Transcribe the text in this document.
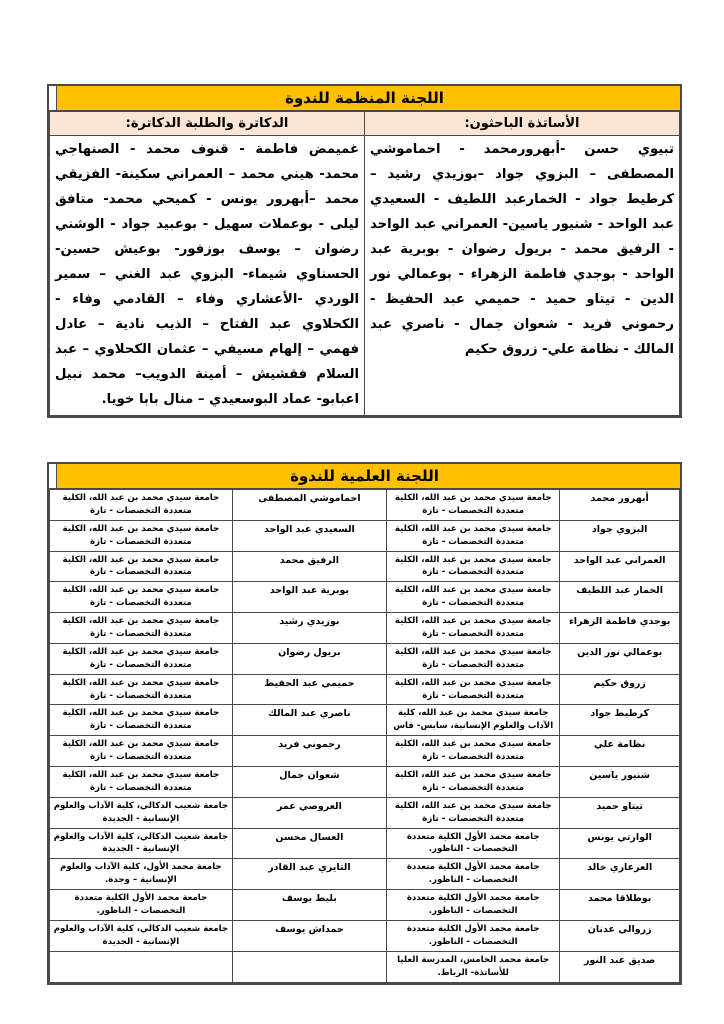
اللجنة المنظمة للندوة
الأساتذة الباحثون:	الدكاترة والطلبة الدكاترة:
تبيوي حسن -أبهرورمحمد - احماموشي المصطفى – البزوي جواد –بوزيدي رشيد – كرطيط جواد - الخمارعبد اللطيف - السعيدي عبد الواحد - شنيور ياسين- العمراني عبد الواحد - الرفيق محمد - بريول رضوان - بوبرية عبد الواحد - بوجدي فاطمة الزهراء - بوعمالي نور الدين - تيتاو حميد - حميمي عبد الحفيظ - رحموني فريد - شعوان جمال - ناصري عبد المالك - نظامة علي- زروق حكيم	غميمض فاطمة - قنوف محمد - الصنهاجي محمد- هيني محمد – العمراني سكينة- الفزيقي محمد –أبهرور يونس - كميحي محمد- متافق ليلى - بوعملات سهيل - بوعبيد جواد - الوشني رضوان – يوسف بوزفور- بوعيش حسين- الحسناوي شيماء- البزوي عبد الغني – سمير الوردي -الأعشاري وفاء – القادمي وفاء - الكحلاوي عبد الفتاح – الذيب نادية – عادل فهمي – إلهام مسيفي – عثمان الكحلاوي – عبد السلام فقشيش – أمينة الدويب– محمد نبيل اعبابو- عماد البوسعيدي – منال بابا خويا.
اللجنة العلمية للندوة
أبهرور محمد	جامعة سيدي محمد بن عبد الله، الكلية متعددة التخصصات - تازة	احماموشي المصطفى	جامعة سيدي محمد بن عبد الله، الكلية متعددة التخصصات - تازة
البزوي جواد	جامعة سيدي محمد بن عبد الله، الكلية متعددة التخصصات - تازة	السعيدي عبد الواحد	جامعة سيدي محمد بن عبد الله، الكلية متعددة التخصصات - تازة
العمراني عبد الواحد	جامعة سيدي محمد بن عبد الله، الكلية متعددة التخصصات - تازة	الرفيق محمد	جامعة سيدي محمد بن عبد الله، الكلية متعددة التخصصات - تازة
الخمار عبد اللطيف	جامعة سيدي محمد بن عبد الله، الكلية متعددة التخصصات - تازة	بوبرية عبد الواحد	جامعة سيدي محمد بن عبد الله، الكلية متعددة التخصصات - تازة
بوجدي فاطمة الزهراء	جامعة سيدي محمد بن عبد الله، الكلية متعددة التخصصات - تازة	بوزيدي رشيد	جامعة سيدي محمد بن عبد الله، الكلية متعددة التخصصات - تازة
بوعمالي نور الدين	جامعة سيدي محمد بن عبد الله، الكلية متعددة التخصصات - تازة	بريول رضوان	جامعة سيدي محمد بن عبد الله، الكلية متعددة التخصصات - تازة
زروق حكيم	جامعة سيدي محمد بن عبد الله، الكلية متعددة التخصصات - تازة	حميمي عبد الحفيظ	جامعة سيدي محمد بن عبد الله، الكلية متعددة التخصصات - تازة
كرطيط جواد	جامعة سيدي محمد بن عبد الله، كلية الآداب والعلوم الإنسانية، سايس- فاس	ناصري عبد المالك	جامعة سيدي محمد بن عبد الله، الكلية متعددة التخصصات - تازة
نظامة علي	جامعة سيدي محمد بن عبد الله، الكلية متعددة التخصصات - تازة	رحموني فريد	جامعة سيدي محمد بن عبد الله، الكلية متعددة التخصصات - تازة
شنيور ياسين	جامعة سيدي محمد بن عبد الله، الكلية متعددة التخصصات - تازة	شعوان جمال	جامعة سيدي محمد بن عبد الله، الكلية متعددة التخصصات - تازة
تيتاو حميد	جامعة سيدي محمد بن عبد الله، الكلية متعددة التخصصات - تازة	العروصي عمر	جامعة شعيب الدكالي، كلية الآداب والعلوم الإنسانية - الجديدة
الوارتي يونس	جامعة محمد الأول الكلية متعددة التخصصات - الناظور.	العسال محسن	جامعة شعيب الدكالي، كلية الآداب والعلوم الإنسانية - الجديدة
العرعاري خالد	جامعة محمد الأول الكلية متعددة التخصصات - الناظور.	التايري عبد القادر	جامعة محمد الأول، كلية الآداب والعلوم الإنسانية – وجدة.
بوطلاقا محمد	جامعة محمد الأول الكلية متعددة التخصصات - الناظور.	بليط يوسف	جامعة محمد الأول الكلية متعددة التخصصات - الناظور.
زروالي عدنان	جامعة محمد الأول الكلية متعددة التخصصات - الناظور.	حمداش يوسف	جامعة شعيب الدكالي، كلية الآداب والعلوم الإنسانية - الجديدة
صديق عبد النور	جامعة محمد الخامس، المدرسة العليا للأساتذة- الرباط.		
